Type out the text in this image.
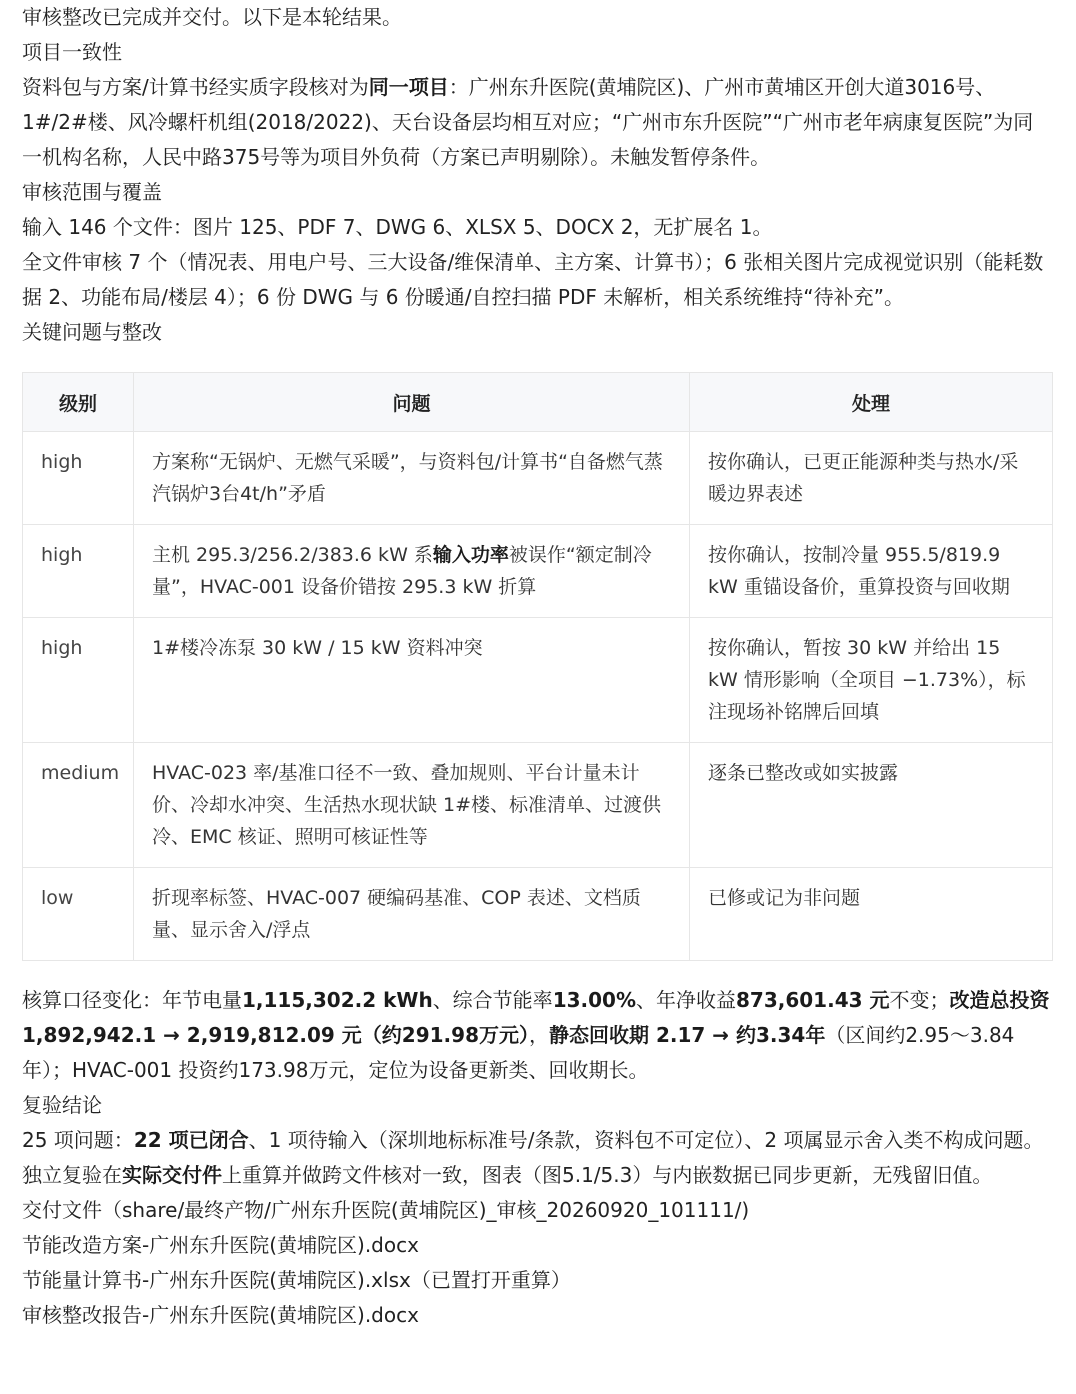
审核整改已完成并交付。以下是本轮结果。

项目一致性

资料包与方案/计算书经实质字段核对为同一项目：广州东升医院(黄埔院区)、广州市黄埔区开创大道3016号、1#/2#楼、风冷螺杆机组(2018/2022)、天台设备层均相互对应；“广州市东升医院”“广州市老年病康复医院”为同一机构名称，人民中路375号等为项目外负荷（方案已声明剔除）。未触发暂停条件。

审核范围与覆盖

输入 146 个文件：图片 125、PDF 7、DWG 6、XLSX 5、DOCX 2，无扩展名 1。

全文件审核 7 个（情况表、用电户号、三大设备/维保清单、主方案、计算书）；6 张相关图片完成视觉识别（能耗数据 2、功能布局/楼层 4）；6 份 DWG 与 6 份暖通/自控扫描 PDF 未解析，相关系统维持“待补充”。

关键问题与整改

级别	问题	处理
high	方案称“无锅炉、无燃气采暖”，与资料包/计算书“自备燃气蒸汽锅炉3台4t/h”矛盾	按你确认，已更正能源种类与热水/采暖边界表述
high	主机 295.3/256.2/383.6 kW 系输入功率被误作“额定制冷量”，HVAC-001 设备价错按 295.3 kW 折算	按你确认，按制冷量 955.5/819.9 kW 重锚设备价，重算投资与回收期
high	1#楼冷冻泵 30 kW / 15 kW 资料冲突	按你确认，暂按 30 kW 并给出 15 kW 情形影响（全项目 −1.73%），标注现场补铭牌后回填
medium	HVAC-023 率/基准口径不一致、叠加规则、平台计量未计价、冷却水冲突、生活热水现状缺 1#楼、标准清单、过渡供冷、EMC 核证、照明可核证性等	逐条已整改或如实披露
low	折现率标签、HVAC-007 硬编码基准、COP 表述、文档质量、显示舍入/浮点	已修或记为非问题

核算口径变化：年节电量1,115,302.2 kWh、综合节能率13.00%、年净收益873,601.43 元不变；改造总投资 1,892,942.1 → 2,919,812.09 元（约291.98万元），静态回收期 2.17 → 约3.34年（区间约2.95～3.84年）；HVAC-001 投资约173.98万元，定位为设备更新类、回收期长。

复验结论

25 项问题：22 项已闭合、1 项待输入（深圳地标标准号/条款，资料包不可定位）、2 项属显示舍入类不构成问题。独立复验在实际交付件上重算并做跨文件核对一致，图表（图5.1/5.3）与内嵌数据已同步更新，无残留旧值。

交付文件（share/最终产物/广州东升医院(黄埔院区)_审核_20260920_101111/)

节能改造方案-广州东升医院(黄埔院区).docx

节能量计算书-广州东升医院(黄埔院区).xlsx（已置打开重算）

审核整改报告-广州东升医院(黄埔院区).docx
